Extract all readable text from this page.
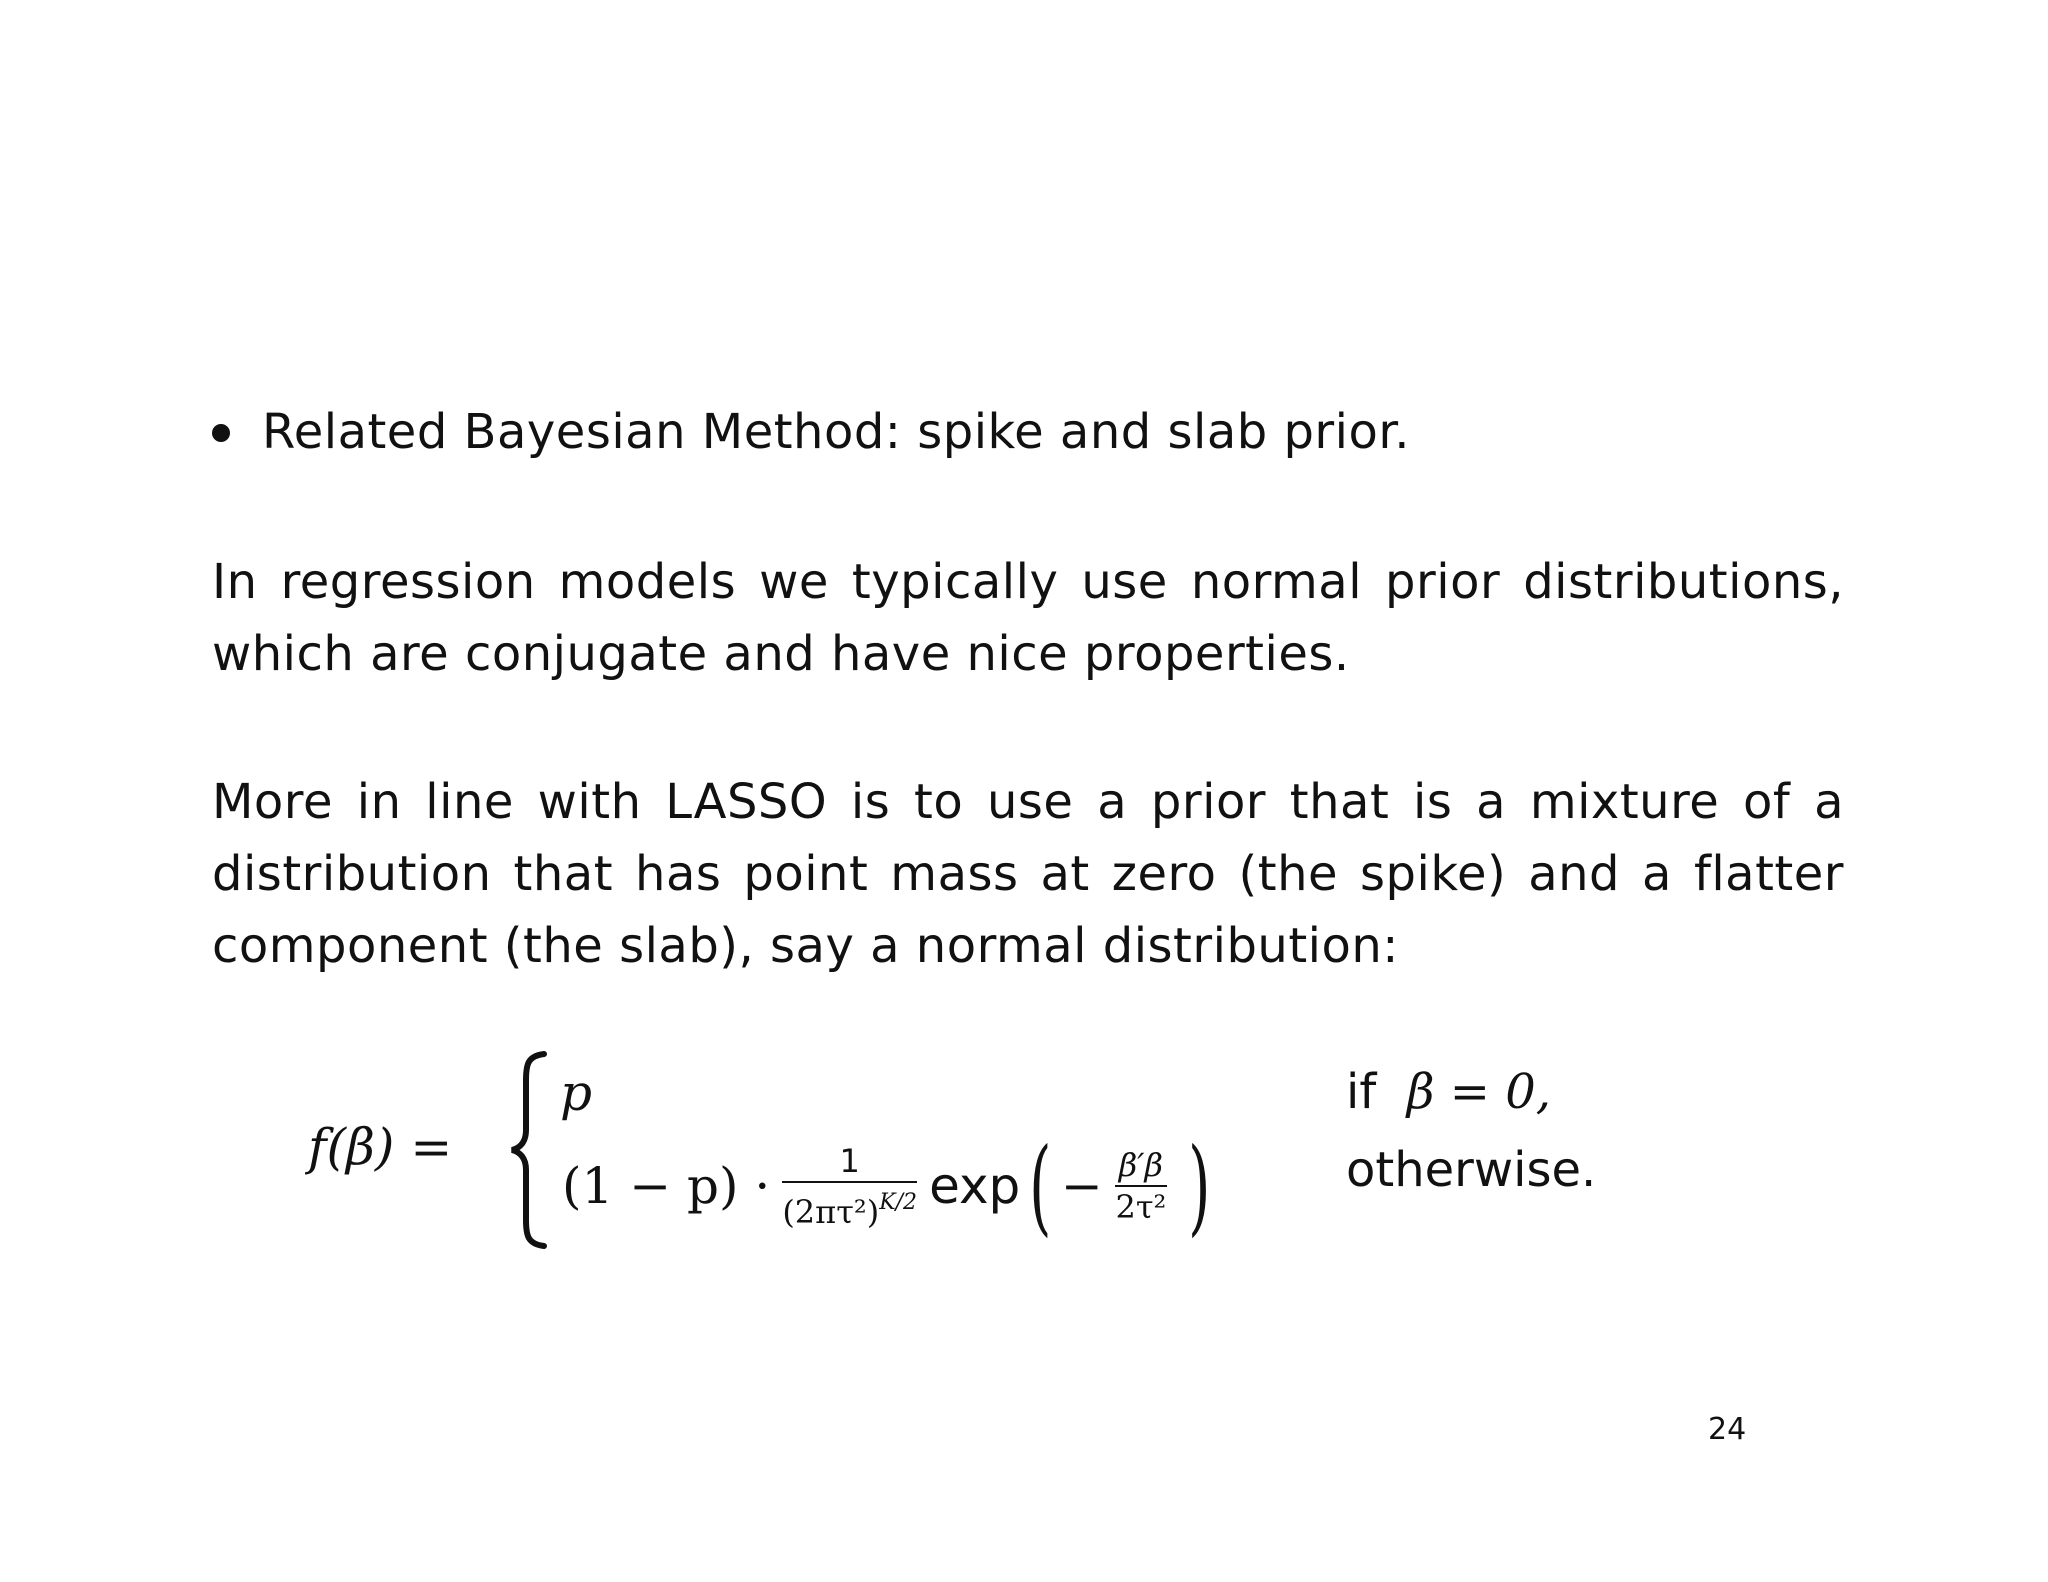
Related Bayesian Method: spike and slab prior.
In regression models we typically use normal prior distributions, which are conjugate and have nice properties.
More in line with LASSO is to use a prior that is a mixture of a distribution that has point mass at zero (the spike) and a flatter component (the slab), say a normal distribution:
f(β) =
p
$(1 - p) \cdot \frac{1}{(2\pi\tau^2)^{K/2}}$ exp ( − $\frac{\beta'\beta}{\text{2τ²}}$ )
if β = 0,
otherwise.
24
